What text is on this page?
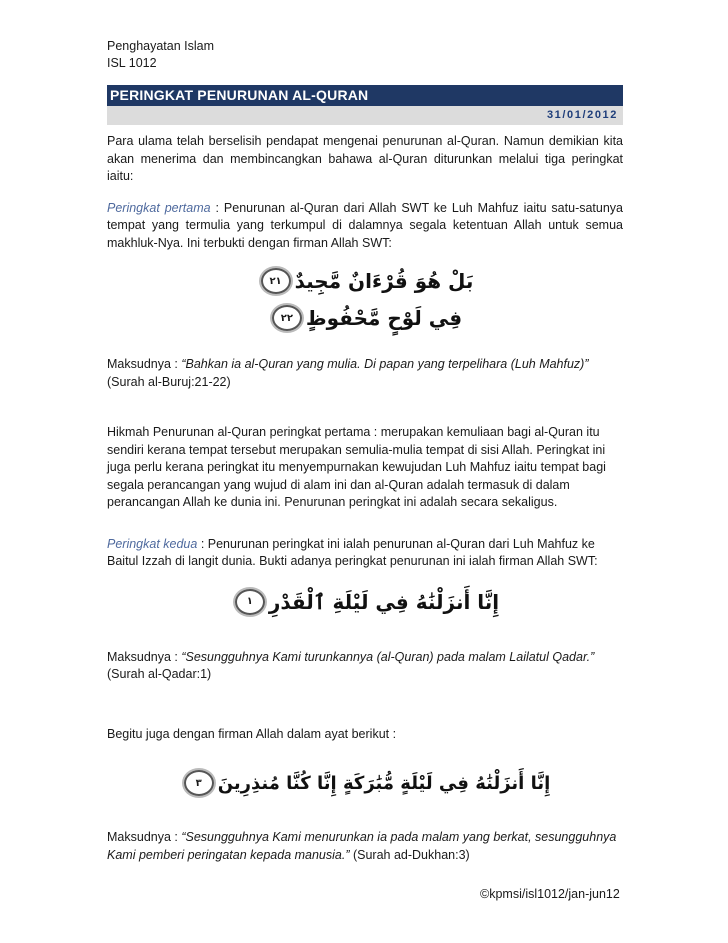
Penghayatan Islam
ISL 1012
PERINGKAT PENURUNAN AL-QURAN
31/01/2012

Para ulama telah berselisih pendapat mengenai penurunan al-Quran. Namun demikian kita akan menerima dan membincangkan bahawa al-Quran diturunkan melalui tiga peringkat iaitu:

Peringkat pertama : Penurunan al-Quran dari Allah SWT ke Luh Mahfuz iaitu satu-satunya tempat yang termulia yang terkumpul di dalamnya segala ketentuan Allah untuk semua makhluk-Nya. Ini terbukti dengan firman Allah SWT:

٢١ بَلْ هُوَ قُرْءَانٌ مَّجِيدٌ
٢٢ فِي لَوْحٍ مَّحْفُوظٍ

Maksudnya : “Bahkan ia al-Quran yang mulia. Di papan yang terpelihara (Luh Mahfuz)”

(Surah al-Buruj:21-22)

Hikmah Penurunan al-Quran peringkat pertama : merupakan kemuliaan bagi al-Quran itu sendiri kerana tempat tersebut merupakan semulia-mulia tempat di sisi Allah. Peringkat ini juga perlu kerana peringkat itu menyempurnakan kewujudan Luh Mahfuz iaitu tempat bagi segala perancangan yang wujud di alam ini dan al-Quran adalah termasuk di dalam perancangan Allah ke dunia ini. Penurunan peringkat ini adalah secara sekaligus.

Peringkat kedua : Penurunan peringkat ini ialah penurunan al-Quran dari Luh Mahfuz ke Baitul Izzah di langit dunia. Bukti adanya peringkat penurunan ini ialah firman Allah SWT:

١ إِنَّا أَنزَلْنَٰهُ فِي لَيْلَةِ ٱلْقَدْرِ

Maksudnya : “Sesungguhnya Kami turunkannya (al-Quran) pada malam Lailatul Qadar.”

(Surah al-Qadar:1)

Begitu juga dengan firman Allah dalam ayat berikut :

٣ إِنَّا أَنزَلْنَٰهُ فِي لَيْلَةٍ مُّبَٰرَكَةٍ إِنَّا كُنَّا مُنذِرِينَ

Maksudnya : “Sesungguhnya Kami menurunkan ia pada malam yang berkat, sesungguhnya Kami pemberi peringatan kepada manusia.” (Surah ad-Dukhan:3)

©kpmsi/isl1012/jan-jun12
